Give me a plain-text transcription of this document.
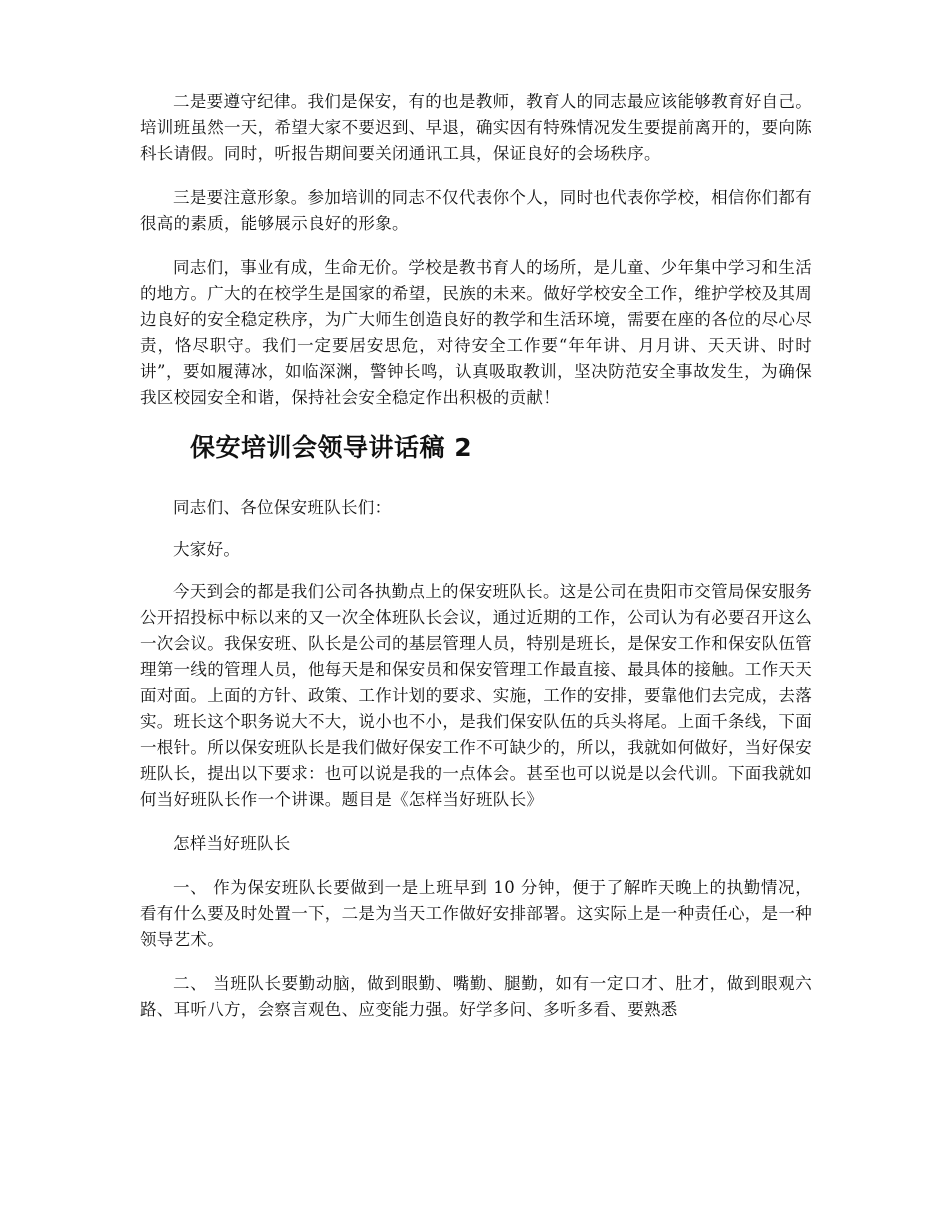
二是要遵守纪律。我们是保安，有的也是教师，教育人的同志最应该能够教育好自己。培训班虽然一天，希望大家不要迟到、早退，确实因有特殊情况发生要提前离开的，要向陈科长请假。同时，听报告期间要关闭通讯工具，保证良好的会场秩序。

三是要注意形象。参加培训的同志不仅代表你个人，同时也代表你学校，相信你们都有很高的素质，能够展示良好的形象。

同志们，事业有成，生命无价。学校是教书育人的场所，是儿童、少年集中学习和生活的地方。广大的在校学生是国家的希望，民族的未来。做好学校安全工作，维护学校及其周边良好的安全稳定秩序，为广大师生创造良好的教学和生活环境，需要在座的各位的尽心尽责，恪尽职守。我们一定要居安思危，对待安全工作要“年年讲、月月讲、天天讲、时时讲”，要如履薄冰，如临深渊，警钟长鸣，认真吸取教训，坚决防范安全事故发生，为确保我区校园安全和谐，保持社会安全稳定作出积极的贡献！

保安培训会领导讲话稿 2

同志们、各位保安班队长们：

大家好。

今天到会的都是我们公司各执勤点上的保安班队长。这是公司在贵阳市交管局保安服务公开招投标中标以来的又一次全体班队长会议，通过近期的工作，公司认为有必要召开这么一次会议。我保安班、队长是公司的基层管理人员，特别是班长，是保安工作和保安队伍管理第一线的管理人员，他每天是和保安员和保安管理工作最直接、最具体的接触。工作天天面对面。上面的方针、政策、工作计划的要求、实施，工作的安排，要靠他们去完成，去落实。班长这个职务说大不大，说小也不小，是我们保安队伍的兵头将尾。上面千条线，下面一根针。所以保安班队长是我们做好保安工作不可缺少的，所以，我就如何做好，当好保安班队长，提出以下要求：也可以说是我的一点体会。甚至也可以说是以会代训。下面我就如何当好班队长作一个讲课。题目是《怎样当好班队长》

怎样当好班队长

一、 作为保安班队长要做到一是上班早到 10 分钟，便于了解昨天晚上的执勤情况，看有什么要及时处置一下，二是为当天工作做好安排部署。这实际上是一种责任心，是一种领导艺术。

二、 当班队长要勤动脑，做到眼勤、嘴勤、腿勤，如有一定口才、肚才，做到眼观六路、耳听八方，会察言观色、应变能力强。好学多问、多听多看、要熟悉
